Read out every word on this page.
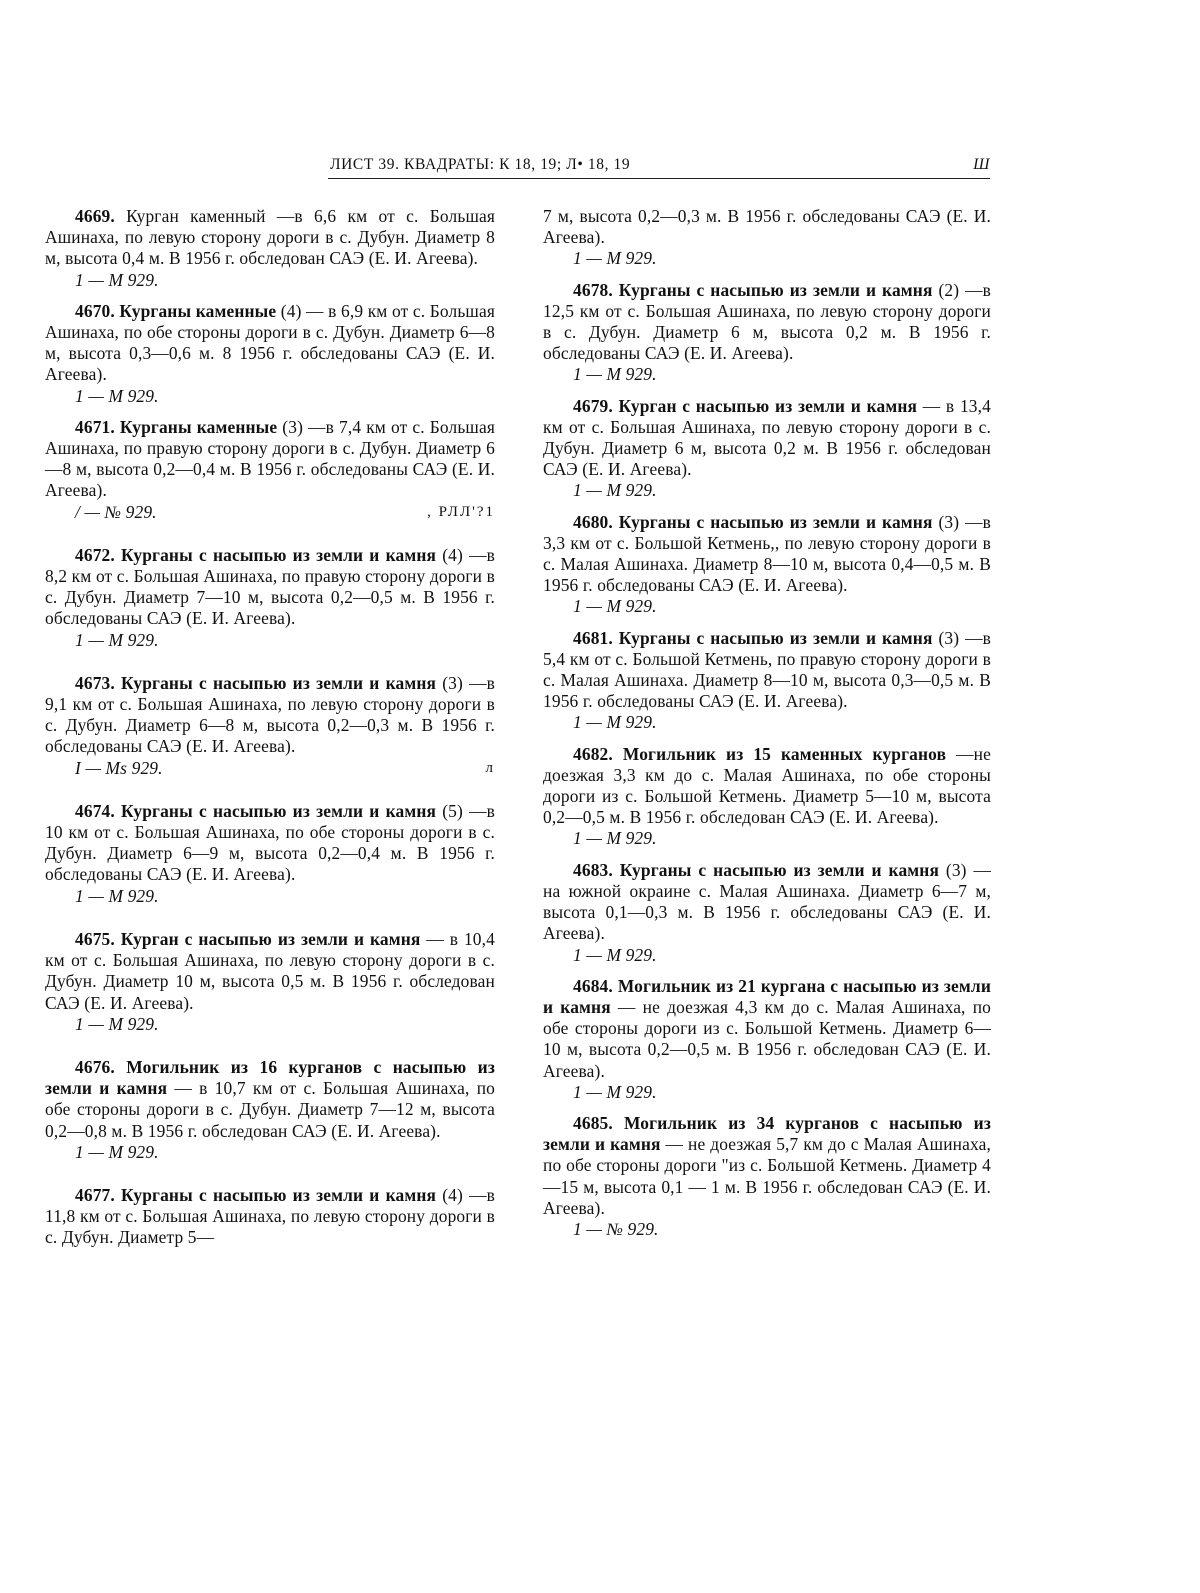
ЛИСТ 39. КВАДРАТЫ: К 18, 19; Л• 18, 19	Ш

4669. Курган каменный —в 6,6 км от с. Большая Ашинаха, по левую сторону дороги в с. Дубун. Диаметр 8 м, высота 0,4 м. В 1956 г. обследован САЭ (Е. И. Агеева).

1 — М 929.

4670. Курганы каменные (4) — в 6,9 км от с. Большая Ашинаха, по обе стороны дороги в с. Дубун. Диаметр 6—8 м, высота 0,3—0,6 м. 8 1956 г. обследованы САЭ (Е. И. Агеева).

1 — М 929.

4671. Курганы каменные (3) —в 7,4 км от с. Большая Ашинаха, по правую сторону дороги в с. Дубун. Диаметр 6—8 м, высота 0,2—0,4 м. В 1956 г. обследованы САЭ (Е. И. Агеева).

, РЛЛ'?1
/ — № 929.

4672. Курганы с насыпью из земли и камня (4) —в 8,2 км от с. Большая Ашинаха, по правую сторону дороги в с. Дубун. Диаметр 7—10 м, высота 0,2—0,5 м. В 1956 г. обследованы САЭ (Е. И. Агеева).

1 — М 929.

4673. Курганы с насыпью из земли и камня (3) —в 9,1 км от с. Большая Ашинаха, по левую сторону дороги в с. Дубун. Диаметр 6—8 м, высота 0,2—0,3 м. В 1956 г. обследованы САЭ (Е. И. Агеева).

л
I — Ms 929.

4674. Курганы с насыпью из земли и камня (5) —в 10 км от с. Большая Ашинаха, по обе стороны дороги в с. Дубун. Диаметр 6—9 м, высота 0,2—0,4 м. В 1956 г. обследованы САЭ (Е. И. Агеева).

1 — М 929.

4675. Курган с насыпью из земли и камня — в 10,4 км от с. Большая Ашинаха, по левую сторону дороги в с. Дубун. Диаметр 10 м, высота 0,5 м. В 1956 г. обследован САЭ (Е. И. Агеева).

1 — М 929.

4676. Могильник из 16 курганов с насыпью из земли и камня — в 10,7 км от с. Большая Ашинаха, по обе стороны дороги в с. Дубун. Диаметр 7—12 м, высота 0,2—0,8 м. В 1956 г. обследован САЭ (Е. И. Агеева).

1 — М 929.

4677. Курганы с насыпью из земли и камня (4) —в 11,8 км от с. Большая Ашинаха, по левую сторону дороги в с. Дубун. Диаметр 5—

7 м, высота 0,2—0,3 м. В 1956 г. обследованы САЭ (Е. И. Агеева).

1 — М 929.

4678. Курганы с насыпью из земли и камня (2) —в 12,5 км от с. Большая Ашинаха, по левую сторону дороги в с. Дубун. Диаметр 6 м, высота 0,2 м. В 1956 г. обследованы САЭ (Е. И. Агеева).

1 — М 929.

4679. Курган с насыпью из земли и камня — в 13,4 км от с. Большая Ашинаха, по левую сторону дороги в с. Дубун. Диаметр 6 м, высота 0,2 м. В 1956 г. обследован САЭ (Е. И. Агеева).

1 — М 929.

4680. Курганы с насыпью из земли и камня (3) —в 3,3 км от с. Большой Кетмень,, по левую сторону дороги в с. Малая Ашинаха. Диаметр 8—10 м, высота 0,4—0,5 м. В 1956 г. обследованы САЭ (Е. И. Агеева).

1 — М 929.

4681. Курганы с насыпью из земли и камня (3) —в 5,4 км от с. Большой Кетмень, по правую сторону дороги в с. Малая Ашинаха. Диаметр 8—10 м, высота 0,3—0,5 м. В 1956 г. обследованы САЭ (Е. И. Агеева).

1 — М 929.

4682. Могильник из 15 каменных курганов —не доезжая 3,3 км до с. Малая Ашинаха, по обе стороны дороги из с. Большой Кетмень. Диаметр 5—10 м, высота 0,2—0,5 м. В 1956 г. обследован САЭ (Е. И. Агеева).

1 — М 929.

4683. Курганы с насыпью из земли и камня (3) — на южной окраине с. Малая Ашинаха. Диаметр 6—7 м, высота 0,1—0,3 м. В 1956 г. обследованы САЭ (Е. И. Агеева).

1 — М 929.

4684. Могильник из 21 кургана с насыпью из земли и камня — не доезжая 4,3 км до с. Малая Ашинаха, по обе стороны дороги из с. Большой Кетмень. Диаметр 6—10 м, высота 0,2—0,5 м. В 1956 г. обследован САЭ (Е. И. Агеева).

1 — М 929.

4685. Могильник из 34 курганов с насыпью из земли и камня — не доезжая 5,7 км до с Малая Ашинаха, по обе стороны дороги "из с. Большой Кетмень. Диаметр 4—15 м, высота 0,1 — 1 м. В 1956 г. обследован САЭ (Е. И. Агеева).

1 — № 929.
